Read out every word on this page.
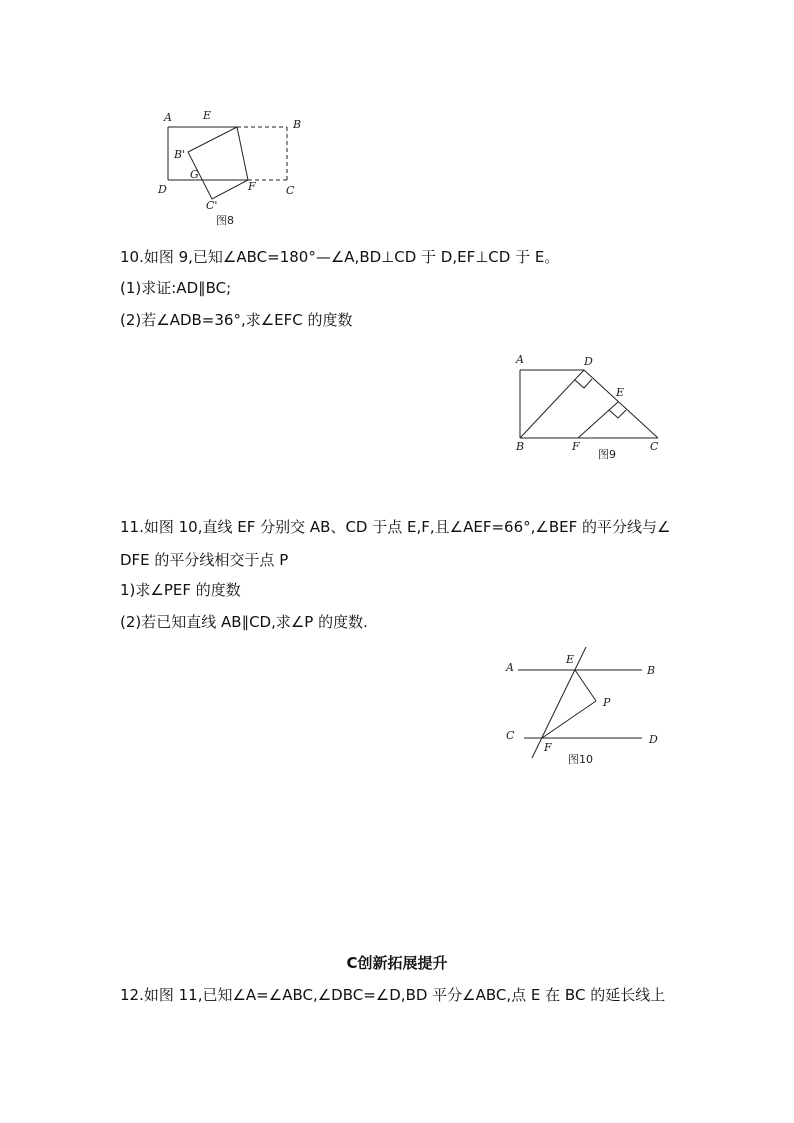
A	E
B
B'
G
D	F	C
C'
图8
10.如图 9,已知∠ABC=180°—∠A,BD⊥CD 于 D,EF⊥CD 于 E。
(1)求证:AD∥BC;
(2)若∠ADB=36°,求∠EFC 的度数
A	D
E
B	F	C
图9
11.如图 10,直线 EF 分别交 AB、CD 于点 E,F,且∠AEF=66°,∠BEF 的平分线与∠
DFE 的平分线相交于点 P
1)求∠PEF 的度数
(2)若已知直线 AB∥CD,求∠P 的度数.
A
E
B
P
C
F
D
图10
C创新拓展提升
12.如图 11,已知∠A=∠ABC,∠DBC=∠D,BD 平分∠ABC,点 E 在 BC 的延长线上
